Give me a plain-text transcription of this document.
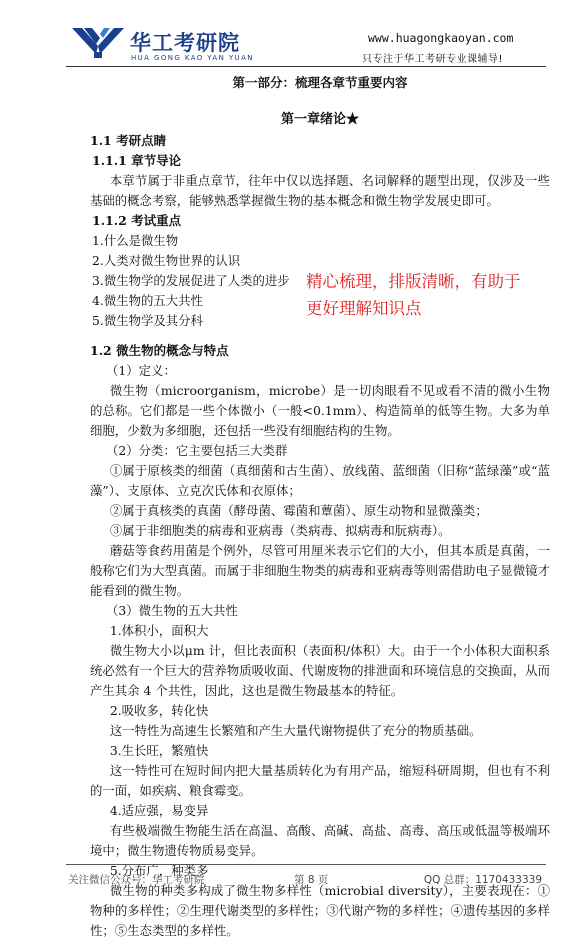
华工考研院
HUA GONG KAO YAN YUAN
www.huagongkaoyan.com
只专注于华工考研专业课辅导!
第一部分：梳理各章节重要内容
第一章绪论★
1.1 考研点睛
1.1.1 章节导论
本章节属于非重点章节，往年中仅以选择题、名词解释的题型出现，仅涉及一些基础的概念考察，能够熟悉掌握微生物的基本概念和微生物学发展史即可。
1.1.2 考试重点
1.什么是微生物
2.人类对微生物世界的认识
3.微生物学的发展促进了人类的进步
4.微生物的五大共性
5.微生物学及其分科
1.2 微生物的概念与特点
（1）定义：
微生物（microorganism，microbe）是一切肉眼看不见或看不清的微小生物的总称。它们都是一些个体微小（一般<0.1mm）、构造简单的低等生物。大多为单细胞，少数为多细胞，还包括一些没有细胞结构的生物。
（2）分类：它主要包括三大类群
①属于原核类的细菌（真细菌和古生菌）、放线菌、蓝细菌（旧称“蓝绿藻”或“蓝藻”）、支原体、立克次氏体和衣原体；
②属于真核类的真菌（酵母菌、霉菌和蕈菌）、原生动物和显微藻类；
③属于非细胞类的病毒和亚病毒（类病毒、拟病毒和朊病毒）。
蘑菇等食药用菌是个例外，尽管可用厘米表示它们的大小，但其本质是真菌，一般称它们为大型真菌。而属于非细胞生物类的病毒和亚病毒等则需借助电子显微镜才能看到的微生物。
（3）微生物的五大共性
1.体积小，面积大
微生物大小以μm 计，但比表面积（表面积/体积）大。由于一个小体积大面积系统必然有一个巨大的营养物质吸收面、代谢废物的排泄面和环境信息的交换面，从而产生其余 4 个共性，因此，这也是微生物最基本的特征。
2.吸收多，转化快
这一特性为高速生长繁殖和产生大量代谢物提供了充分的物质基础。
3.生长旺，繁殖快
这一特性可在短时间内把大量基质转化为有用产品，缩短科研周期，但也有不利的一面，如疾病、粮食霉变。
4.适应强，易变异
有些极端微生物能生活在高温、高酸、高碱、高盐、高毒、高压或低温等极端环境中；微生物遗传物质易变异。
5.分布广，种类多
微生物的种类多构成了微生物多样性（microbial diversity），主要表现在：①物种的多样性；②生理代谢类型的多样性；③代谢产物的多样性；④遗传基因的多样性；⑤生态类型的多样性。
精心梳理，排版清晰，有助于
更好理解知识点
关注微信公众号：华工考研院	第 8 页	QQ 总群：1170433339
